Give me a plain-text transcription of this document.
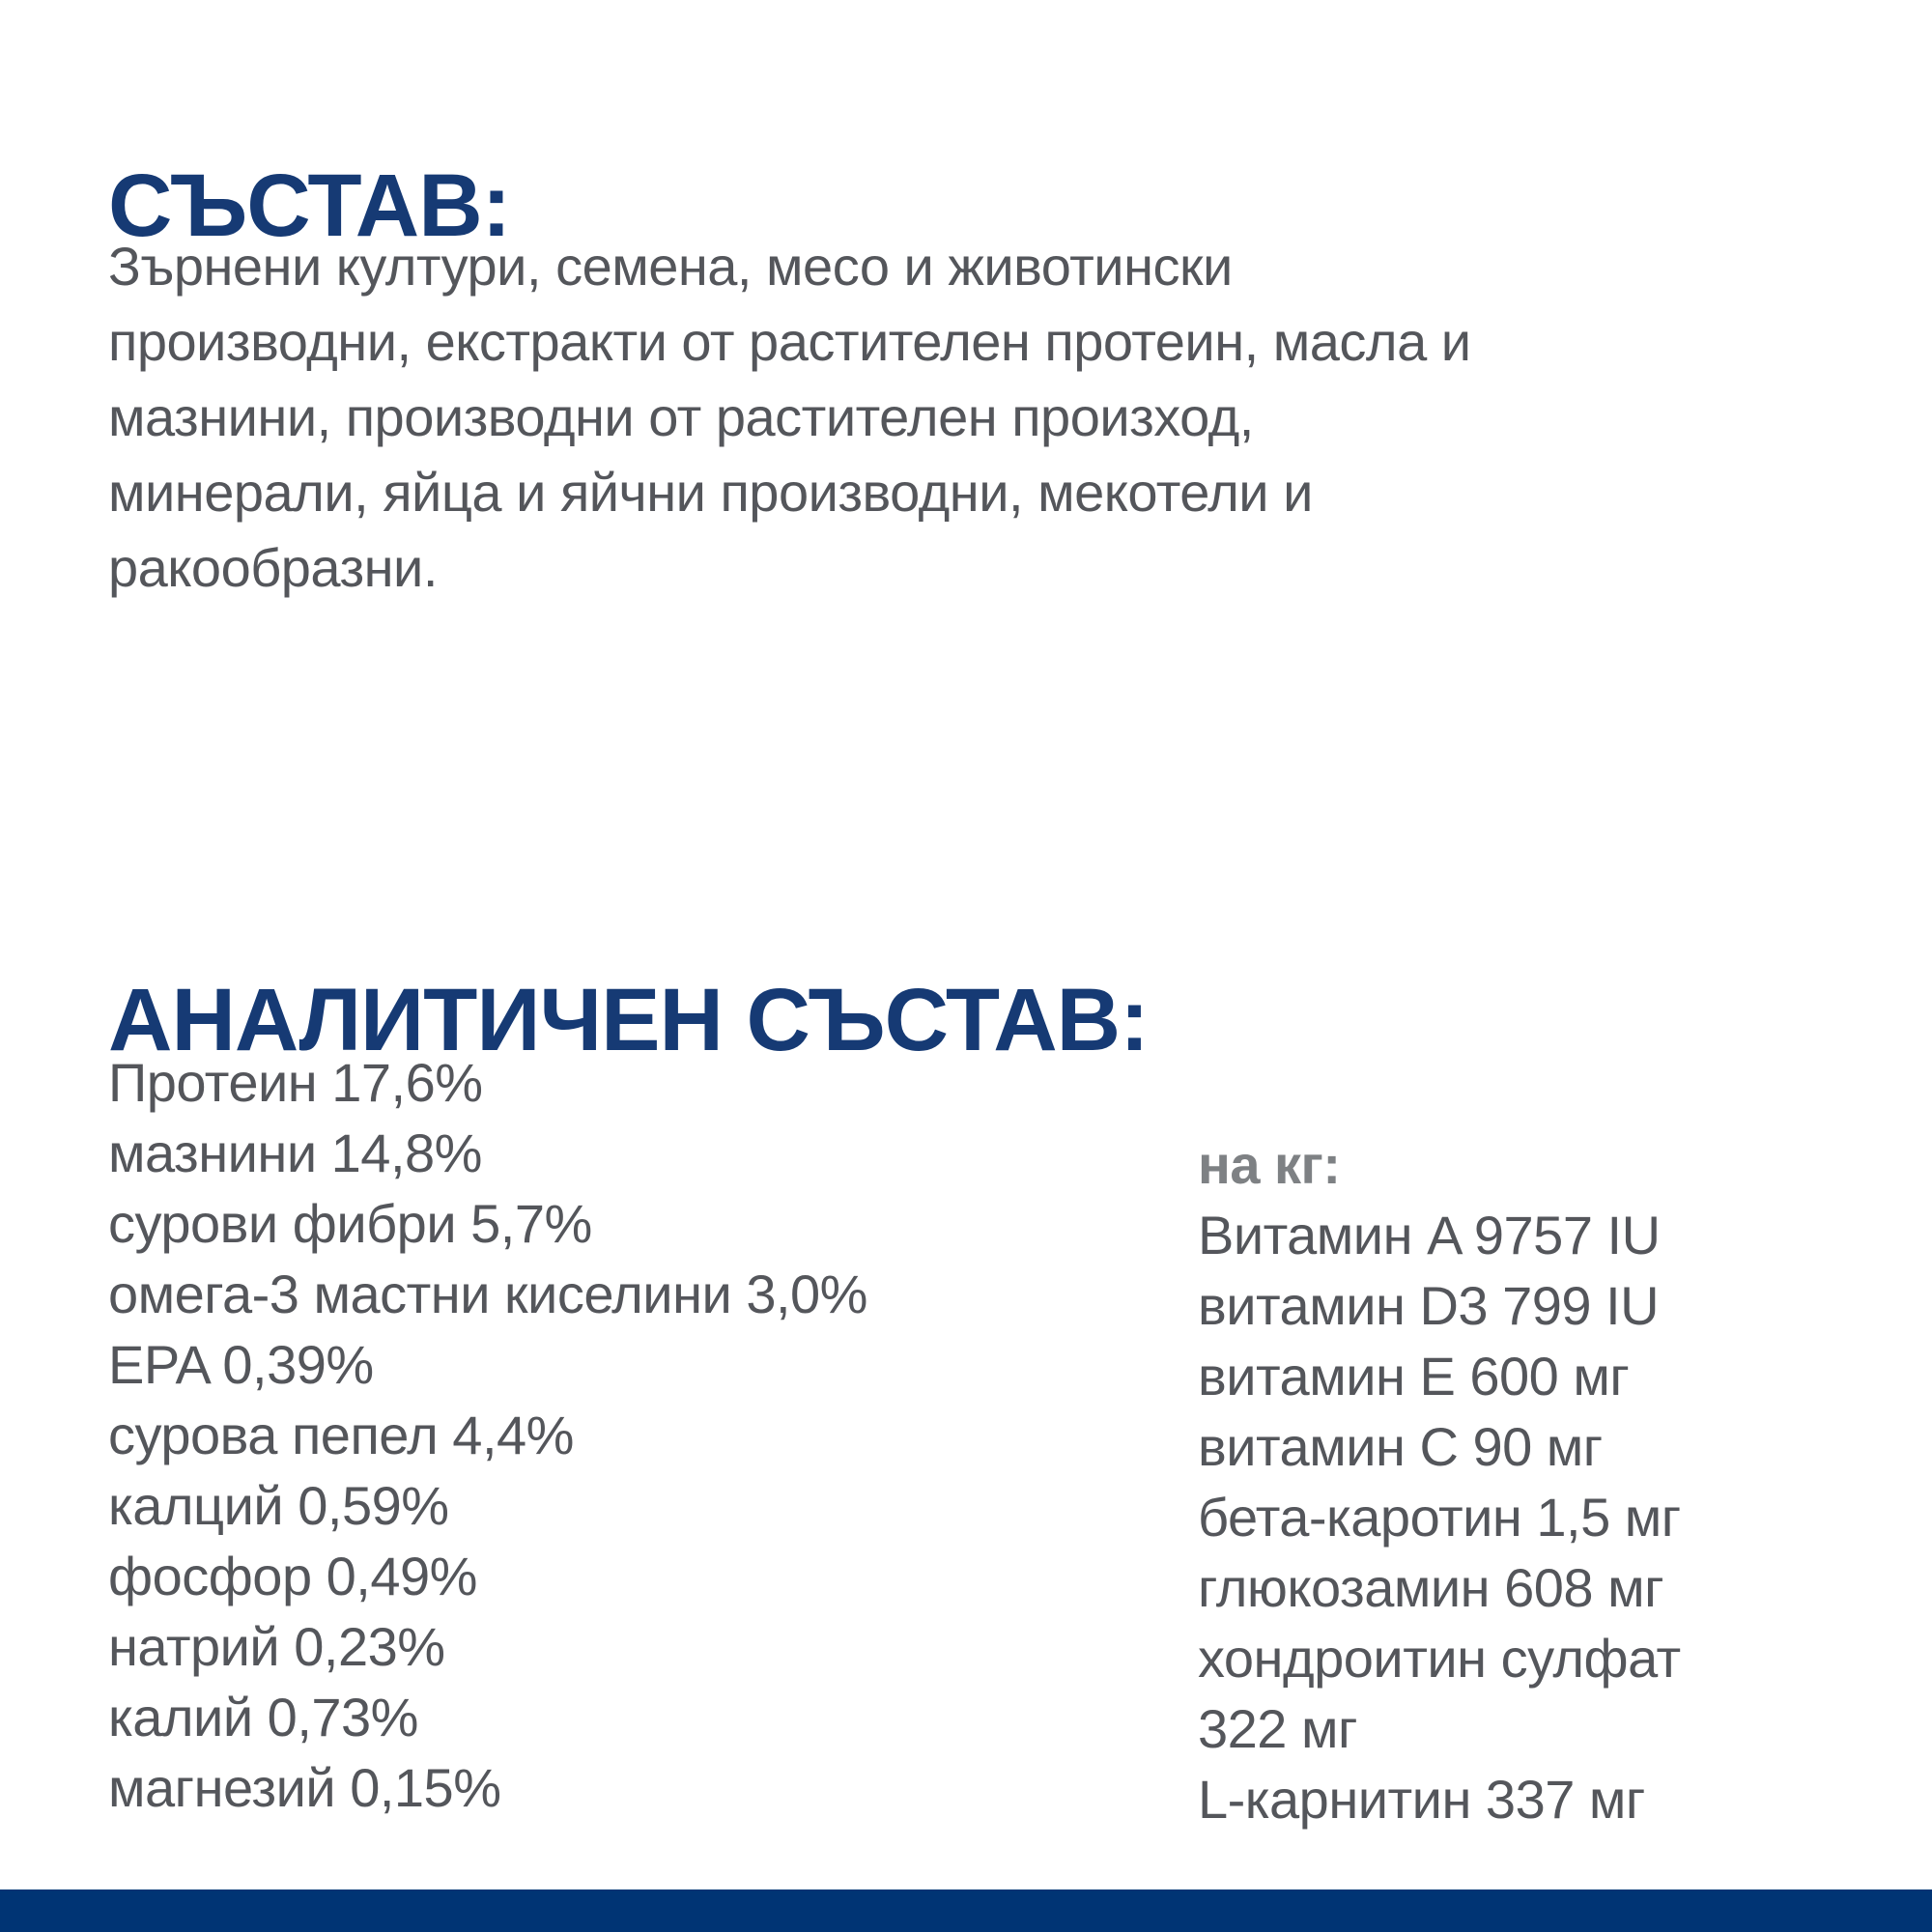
СЪСТАВ:
Зърнени култури, семена, месо и животински
производни, екстракти от растителен протеин, масла и
мазнини, производни от растителен произход,
минерали, яйца и яйчни производни, мекотели и
ракообразни.
АНАЛИТИЧЕН СЪСТАВ:
Протеин 17,6%
мазнини 14,8%
сурови фибри 5,7%
омега-3 мастни киселини 3,0%
EPA 0,39%
сурова пепел 4,4%
калций 0,59%
фосфор 0,49%
натрий 0,23%
калий 0,73%
магнезий 0,15%
на кг:
Витамин A 9757 IU
витамин D3 799 IU
витамин E 600 мг
витамин C 90 мг
бета-каротин 1,5 мг
глюкозамин 608 мг
хондроитин сулфат
322 мг
L-карнитин 337 мг
